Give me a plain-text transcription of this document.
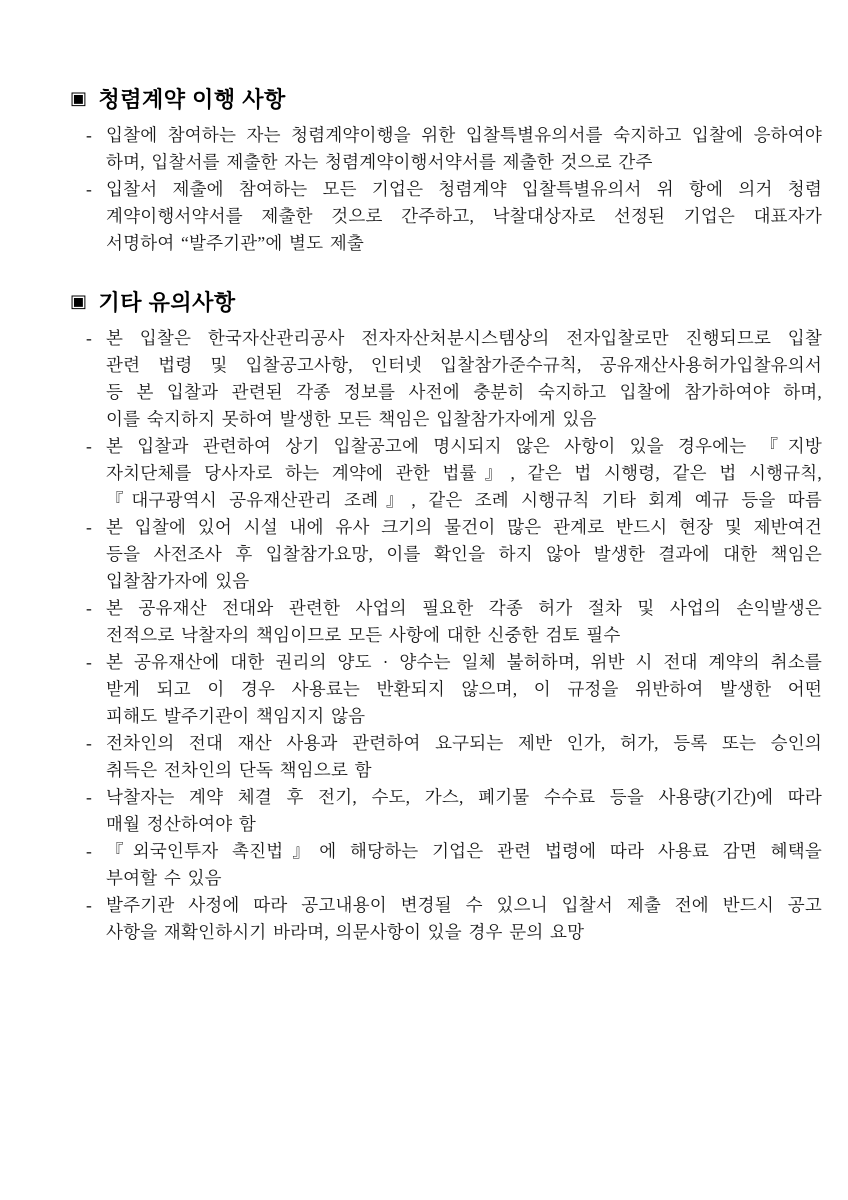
▣ 청렴계약 이행 사항
- 입찰에 참여하는 자는 청렴계약이행을 위한 입찰특별유의서를 숙지하고 입찰에 응하여야
하며, 입찰서를 제출한 자는 청렴계약이행서약서를 제출한 것으로 간주
- 입찰서 제출에 참여하는 모든 기업은 청렴계약 입찰특별유의서 위 항에 의거 청렴
계약이행서약서를 제출한 것으로 간주하고, 낙찰대상자로 선정된 기업은 대표자가
서명하여 “발주기관”에 별도 제출
▣ 기타 유의사항
- 본 입찰은 한국자산관리공사 전자자산처분시스템상의 전자입찰로만 진행되므로 입찰
관련 법령 및 입찰공고사항, 인터넷 입찰참가준수규칙, 공유재산사용허가입찰유의서
등 본 입찰과 관련된 각종 정보를 사전에 충분히 숙지하고 입찰에 참가하여야 하며,
이를 숙지하지 못하여 발생한 모든 책임은 입찰참가자에게 있음
- 본 입찰과 관련하여 상기 입찰공고에 명시되지 않은 사항이 있을 경우에는 『지방
자치단체를 당사자로 하는 계약에 관한 법률』, 같은 법 시행령, 같은 법 시행규칙,
『대구광역시 공유재산관리 조례』, 같은 조례 시행규칙 기타 회계 예규 등을 따름
- 본 입찰에 있어 시설 내에 유사 크기의 물건이 많은 관계로 반드시 현장 및 제반여건
등을 사전조사 후 입찰참가요망, 이를 확인을 하지 않아 발생한 결과에 대한 책임은
입찰참가자에 있음
- 본 공유재산 전대와 관련한 사업의 필요한 각종 허가 절차 및 사업의 손익발생은
전적으로 낙찰자의 책임이므로 모든 사항에 대한 신중한 검토 필수
- 본 공유재산에 대한 권리의 양도 · 양수는 일체 불허하며, 위반 시 전대 계약의 취소를
받게 되고 이 경우 사용료는 반환되지 않으며, 이 규정을 위반하여 발생한 어떤
피해도 발주기관이 책임지지 않음
- 전차인의 전대 재산 사용과 관련하여 요구되는 제반 인가, 허가, 등록 또는 승인의
취득은 전차인의 단독 책임으로 함
- 낙찰자는 계약 체결 후 전기, 수도, 가스, 폐기물 수수료 등을 사용량(기간)에 따라
매월 정산하여야 함
- 『외국인투자 촉진법』에 해당하는 기업은 관련 법령에 따라 사용료 감면 혜택을
부여할 수 있음
- 발주기관 사정에 따라 공고내용이 변경될 수 있으니 입찰서 제출 전에 반드시 공고
사항을 재확인하시기 바라며, 의문사항이 있을 경우 문의 요망
